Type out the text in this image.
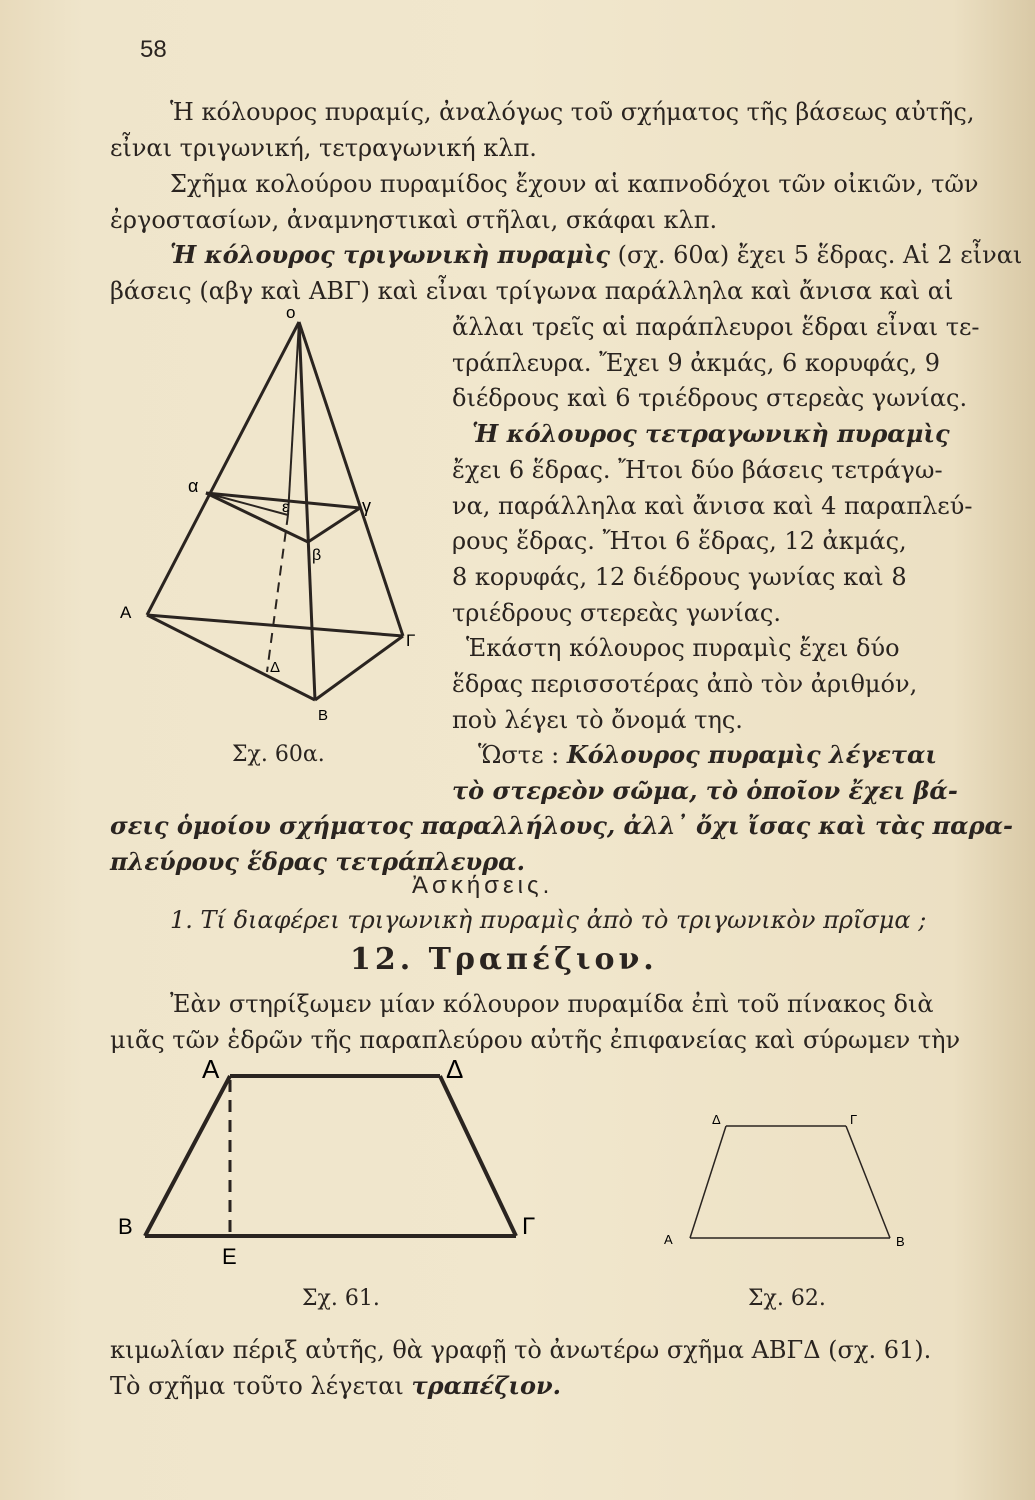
58
Ἡ κόλουρος πυραμίς, ἀναλόγως τοῦ σχήματος τῆς βάσεως αὐτῆς,
εἶναι τριγωνική, τετραγωνική κλπ.
Σχῆμα κολούρου πυραμίδος ἔχουν αἱ καπνοδόχοι τῶν οἰκιῶν, τῶν
ἐργοστασίων, ἀναμνηστικαὶ στῆλαι, σκάφαι κλπ.
Ἡ κόλουρος τριγωνικὴ πυραμὶς (σχ. 60α) ἔχει 5 ἕδρας. Αἱ 2 εἶναι
βάσεις (αβγ καὶ ΑΒΓ) καὶ εἶναι τρίγωνα παράλληλα καὶ ἄνισα καὶ αἱ
ἄλλαι τρεῖς αἱ παράπλευροι ἕδραι εἶναι τε-
τράπλευρα. Ἔχει 9 ἀκμάς, 6 κορυφάς, 9
διέδρους καὶ 6 τριέδρους στερεὰς γωνίας.
Ἡ κόλουρος τετραγωνικὴ πυραμὶς
ἔχει 6 ἕδρας. Ἤτοι δύο βάσεις τετράγω-
να, παράλληλα καὶ ἄνισα καὶ 4 παραπλεύ-
ρους ἕδρας. Ἤτοι 6 ἕδρας, 12 ἀκμάς,
8 κορυφάς, 12 διέδρους γωνίας καὶ 8
τριέδρους στερεὰς γωνίας.
Ἑκάστη κόλουρος πυραμὶς ἔχει δύο
ἕδρας περισσοτέρας ἀπὸ τὸν ἀριθμόν,
ποὺ λέγει τὸ ὄνομά της.
Ὥστε : Κόλουρος πυραμὶς λέγεται
τὸ στερεὸν σῶμα, τὸ ὁποῖον ἔχει βά-
σεις ὁμοίου σχήματος παραλλήλους, ἀλλ᾽ ὄχι ἴσας καὶ τὰς παρα-
πλεύρους ἕδρας τετράπλευρα.
Ἀσκήσεις.
1. Τί διαφέρει τριγωνικὴ πυραμὶς ἀπὸ τὸ τριγωνικὸν πρῖσμα ;
12. Τραπέζιον.
Ἐὰν στηρίξωμεν μίαν κόλουρον πυραμίδα ἐπὶ τοῦ πίνακος διὰ
μιᾶς τῶν ἑδρῶν τῆς παραπλεύρου αὐτῆς ἐπιφανείας καὶ σύρωμεν τὴν
κιμωλίαν πέριξ αὐτῆς, θὰ γραφῇ τὸ ἀνωτέρω σχῆμα ΑΒΓΔ (σχ. 61).
Τὸ σχῆμα τοῦτο λέγεται τραπέζιον.
ο
α
ε	γ
β
Α
Γ
Δ
Β
Σχ. 60α.
Α	Δ
Β	Γ
Ε
Σχ. 61.
Δ	Γ
Α	Β
Σχ. 62.
